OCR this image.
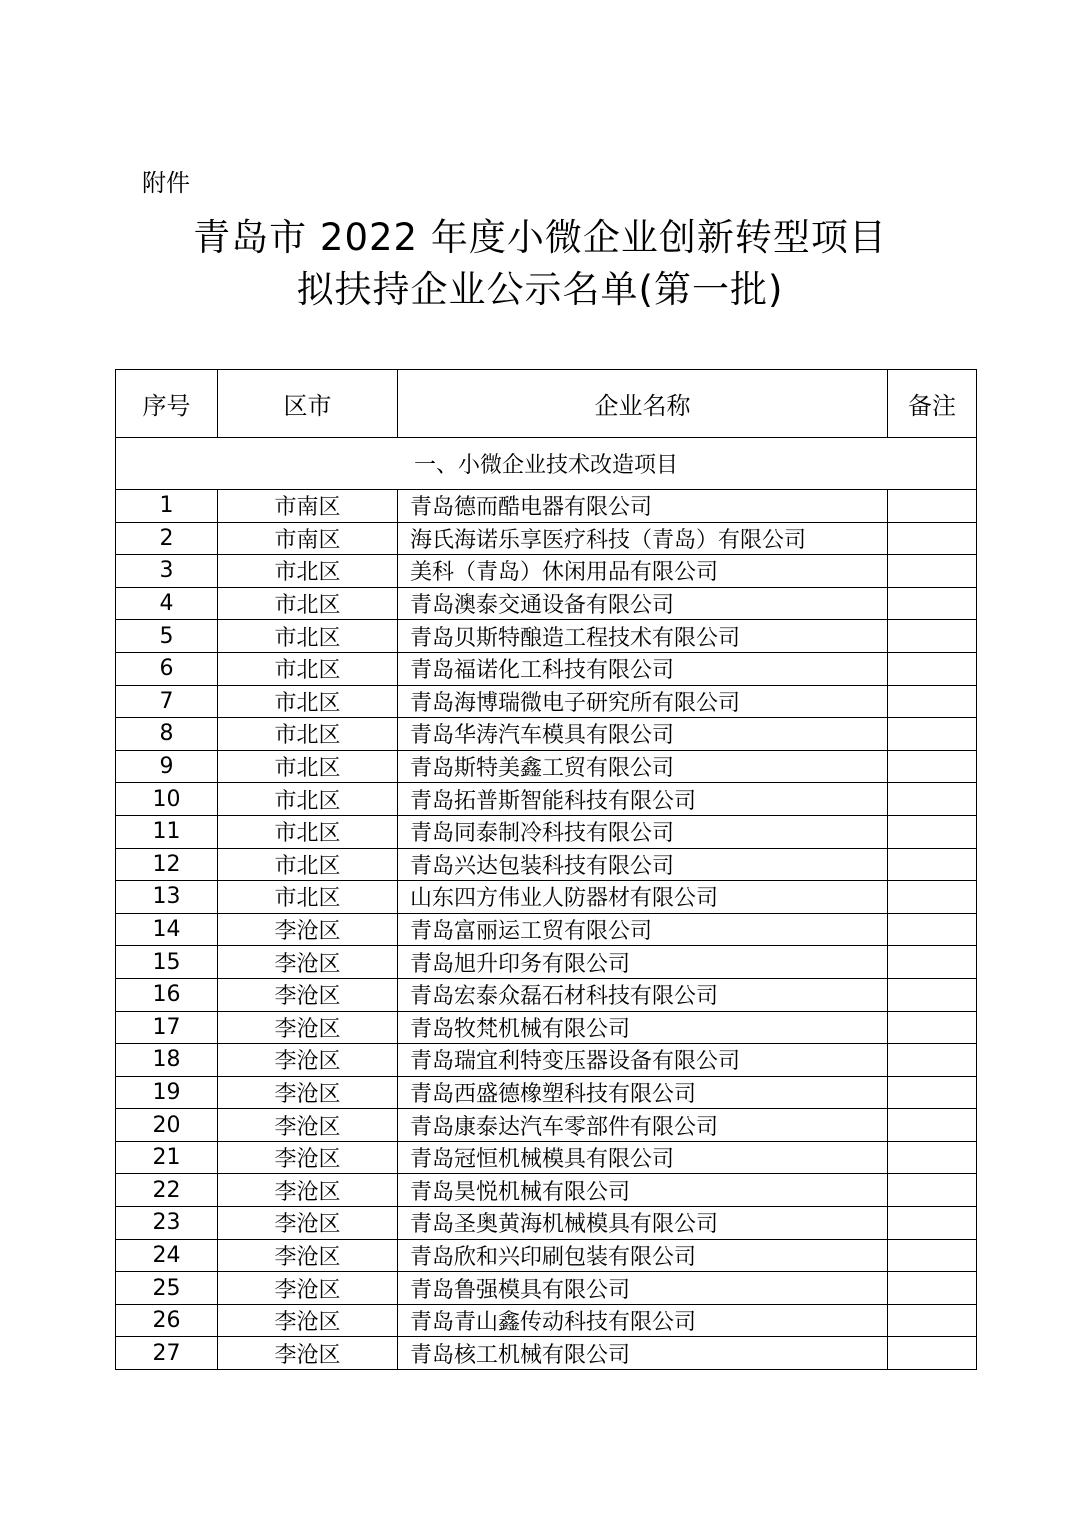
附件
青岛市 2022 年度小微企业创新转型项目
拟扶持企业公示名单(第一批)
序号	区市	企业名称	备注
一、小微企业技术改造项目			
1	市南区	青岛德而酷电器有限公司	
2	市南区	海氏海诺乐享医疗科技（青岛）有限公司	
3	市北区	美科（青岛）休闲用品有限公司	
4	市北区	青岛澳泰交通设备有限公司	
5	市北区	青岛贝斯特酿造工程技术有限公司	
6	市北区	青岛福诺化工科技有限公司	
7	市北区	青岛海博瑞微电子研究所有限公司	
8	市北区	青岛华涛汽车模具有限公司	
9	市北区	青岛斯特美鑫工贸有限公司	
10	市北区	青岛拓普斯智能科技有限公司	
11	市北区	青岛同泰制冷科技有限公司	
12	市北区	青岛兴达包装科技有限公司	
13	市北区	山东四方伟业人防器材有限公司	
14	李沧区	青岛富丽运工贸有限公司	
15	李沧区	青岛旭升印务有限公司	
16	李沧区	青岛宏泰众磊石材科技有限公司	
17	李沧区	青岛牧梵机械有限公司	
18	李沧区	青岛瑞宜利特变压器设备有限公司	
19	李沧区	青岛西盛德橡塑科技有限公司	
20	李沧区	青岛康泰达汽车零部件有限公司	
21	李沧区	青岛冠恒机械模具有限公司	
22	李沧区	青岛昊悦机械有限公司	
23	李沧区	青岛圣奥黄海机械模具有限公司	
24	李沧区	青岛欣和兴印刷包装有限公司	
25	李沧区	青岛鲁强模具有限公司	
26	李沧区	青岛青山鑫传动科技有限公司	
27	李沧区	青岛核工机械有限公司	
